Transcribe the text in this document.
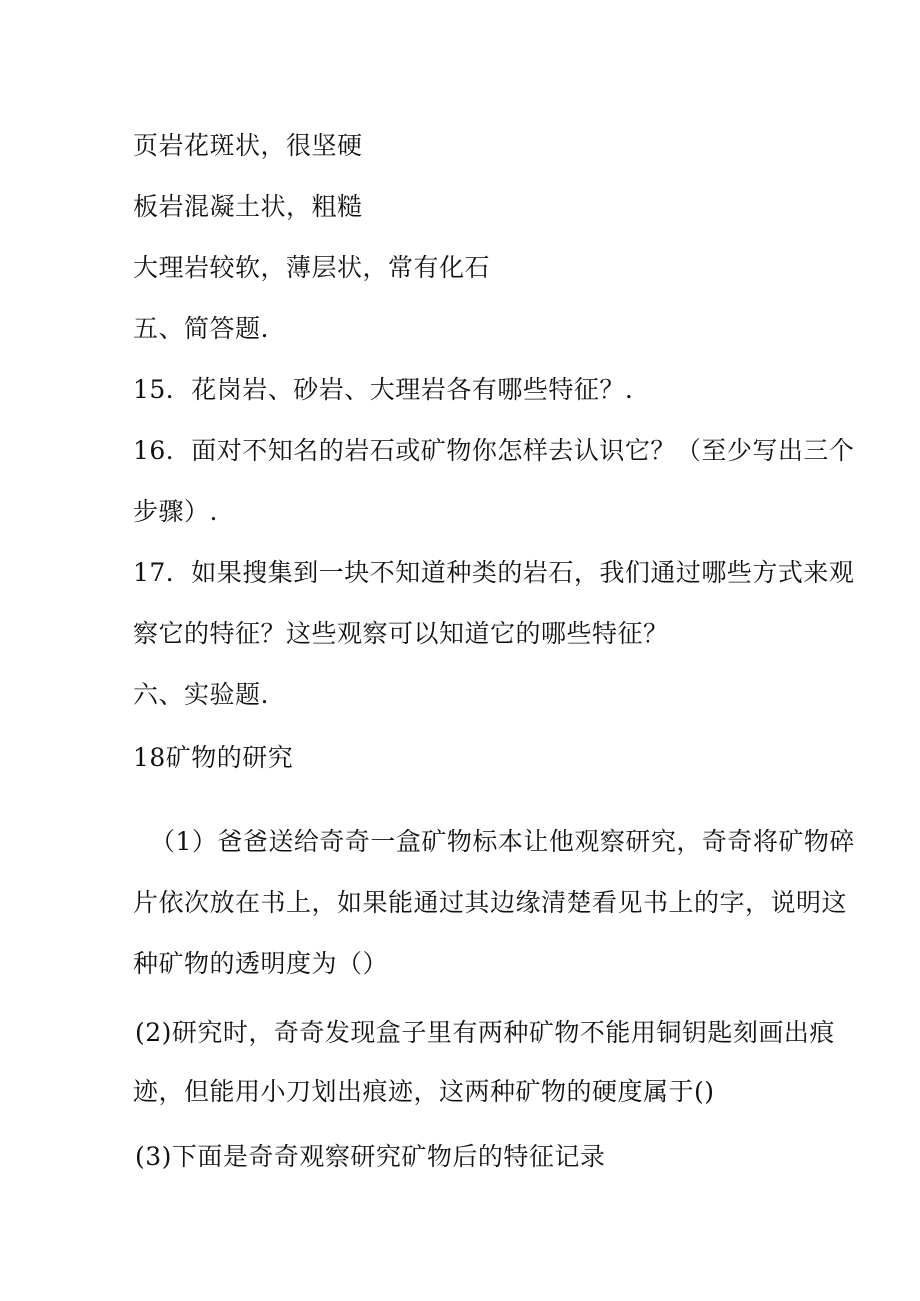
页岩花斑状，很坚硬
板岩混凝土状，粗糙
大理岩较软，薄层状，常有化石
五、简答题.
15．花岗岩、砂岩、大理岩各有哪些特征？.
16．面对不知名的岩石或矿物你怎样去认识它？（至少写出三个
步骤）.
17．如果搜集到一块不知道种类的岩石，我们通过哪些方式来观
察它的特征？这些观察可以知道它的哪些特征？
六、实验题.
18矿物的研究
（1）爸爸送给奇奇一盒矿物标本让他观察研究，奇奇将矿物碎
片依次放在书上，如果能通过其边缘清楚看见书上的字，说明这
种矿物的透明度为（）
(2)研究时，奇奇发现盒子里有两种矿物不能用铜钥匙刻画出痕
迹，但能用小刀划出痕迹，这两种矿物的硬度属于()
(3)下面是奇奇观察研究矿物后的特征记录
